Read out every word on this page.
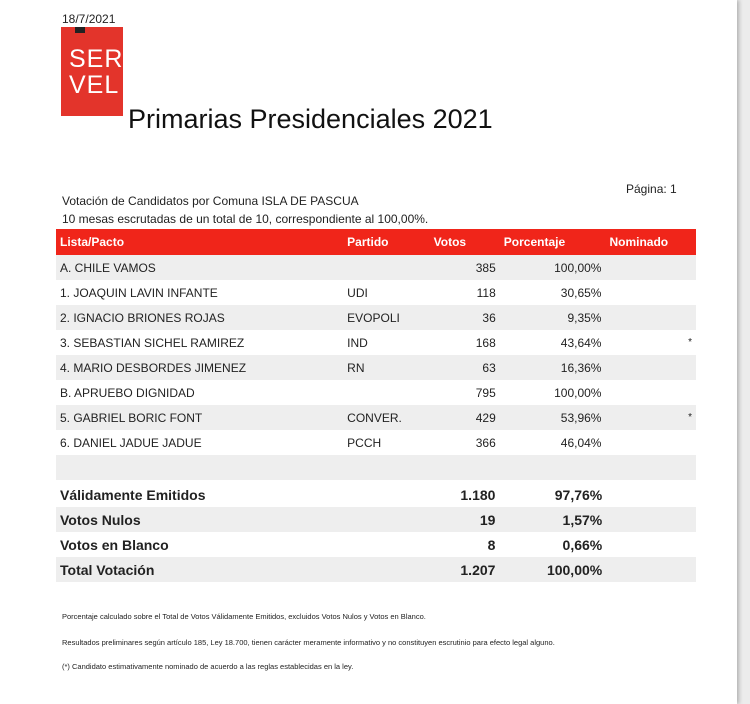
18/7/2021
SER
VEL
Primarias Presidenciales 2021
Página: 1
Votación de Candidatos por Comuna ISLA DE PASCUA
10 mesas escrutadas de un total de 10, correspondiente al 100,00%.
Lista/Pacto	Partido	Votos	Porcentaje	Nominado
A. CHILE VAMOS		385	100,00%	
1. JOAQUIN LAVIN INFANTE	UDI	118	30,65%	
2. IGNACIO BRIONES ROJAS	EVOPOLI	36	9,35%	
3. SEBASTIAN SICHEL RAMIREZ	IND	168	43,64%	*
4. MARIO DESBORDES JIMENEZ	RN	63	16,36%	
B. APRUEBO DIGNIDAD		795	100,00%	
5. GABRIEL BORIC FONT	CONVER.	429	53,96%	*
6. DANIEL JADUE JADUE	PCCH	366	46,04%	

Válidamente Emitidos	1.180	97,76%	
Votos Nulos	19	1,57%	
Votos en Blanco	8	0,66%	
Total Votación	1.207	100,00%	
Porcentaje calculado sobre el Total de Votos Válidamente Emitidos, excluidos Votos Nulos y Votos en Blanco.
Resultados preliminares según artículo 185, Ley 18.700, tienen carácter meramente informativo y no constituyen escrutinio para efecto legal alguno.
(*) Candidato estimativamente nominado de acuerdo a las reglas establecidas en la ley.
